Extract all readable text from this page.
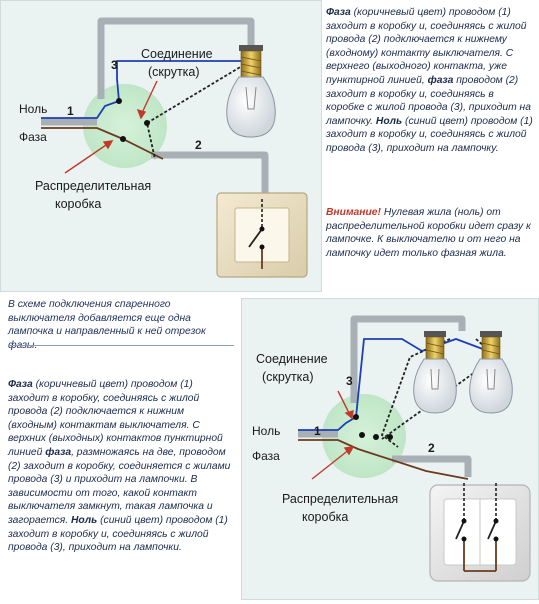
Соединение
(скрутка)
Ноль
Фаза
1
3
2
Распределительная
коробка

Фаза (коричневый цвет) проводом (1) заходит в коробку и, соединяясь с жилой провода (2) подключается к нижнему (входному) контакту выключателя. С верхнего (выходного) контакта, уже пунктирной линией, фаза проводом (2) заходит в коробку и, соединяясь в коробке с жилой провода (3), приходит на лампочку. Ноль (синий цвет) проводом (1) заходит в коробку и, соединяясь с жилой провода (3), приходит на лампочку.

Внимание! Нулевая жила (ноль) от распределительной коробки идет сразу к лампочке. К выключателю и от него на лампочку идет только фазная жила.

В схеме подключения спаренного выключателя добавляется еще одна лампочка и направленный к ней отрезок фазы.

Фаза (коричневый цвет) проводом (1) заходит в коробку, соединяясь с жилой провода (2) подключается к нижним (входным) контактам выключателя. С верхних (выходных) контактов пунктирной линией фаза, размножаясь на две, проводом (2) заходит в коробку, соединяется с жилами провода (3) и приходит на лампочки. В зависимости от того, какой контакт выключателя замкнут, такая лампочка и загорается. Ноль (синий цвет) проводом (1) заходит в коробку и, соединяясь с жилой провода (3), приходит на лампочки.

Соединение
(скрутка)
Ноль
Фаза
1
3
2
Распределительная
коробка
